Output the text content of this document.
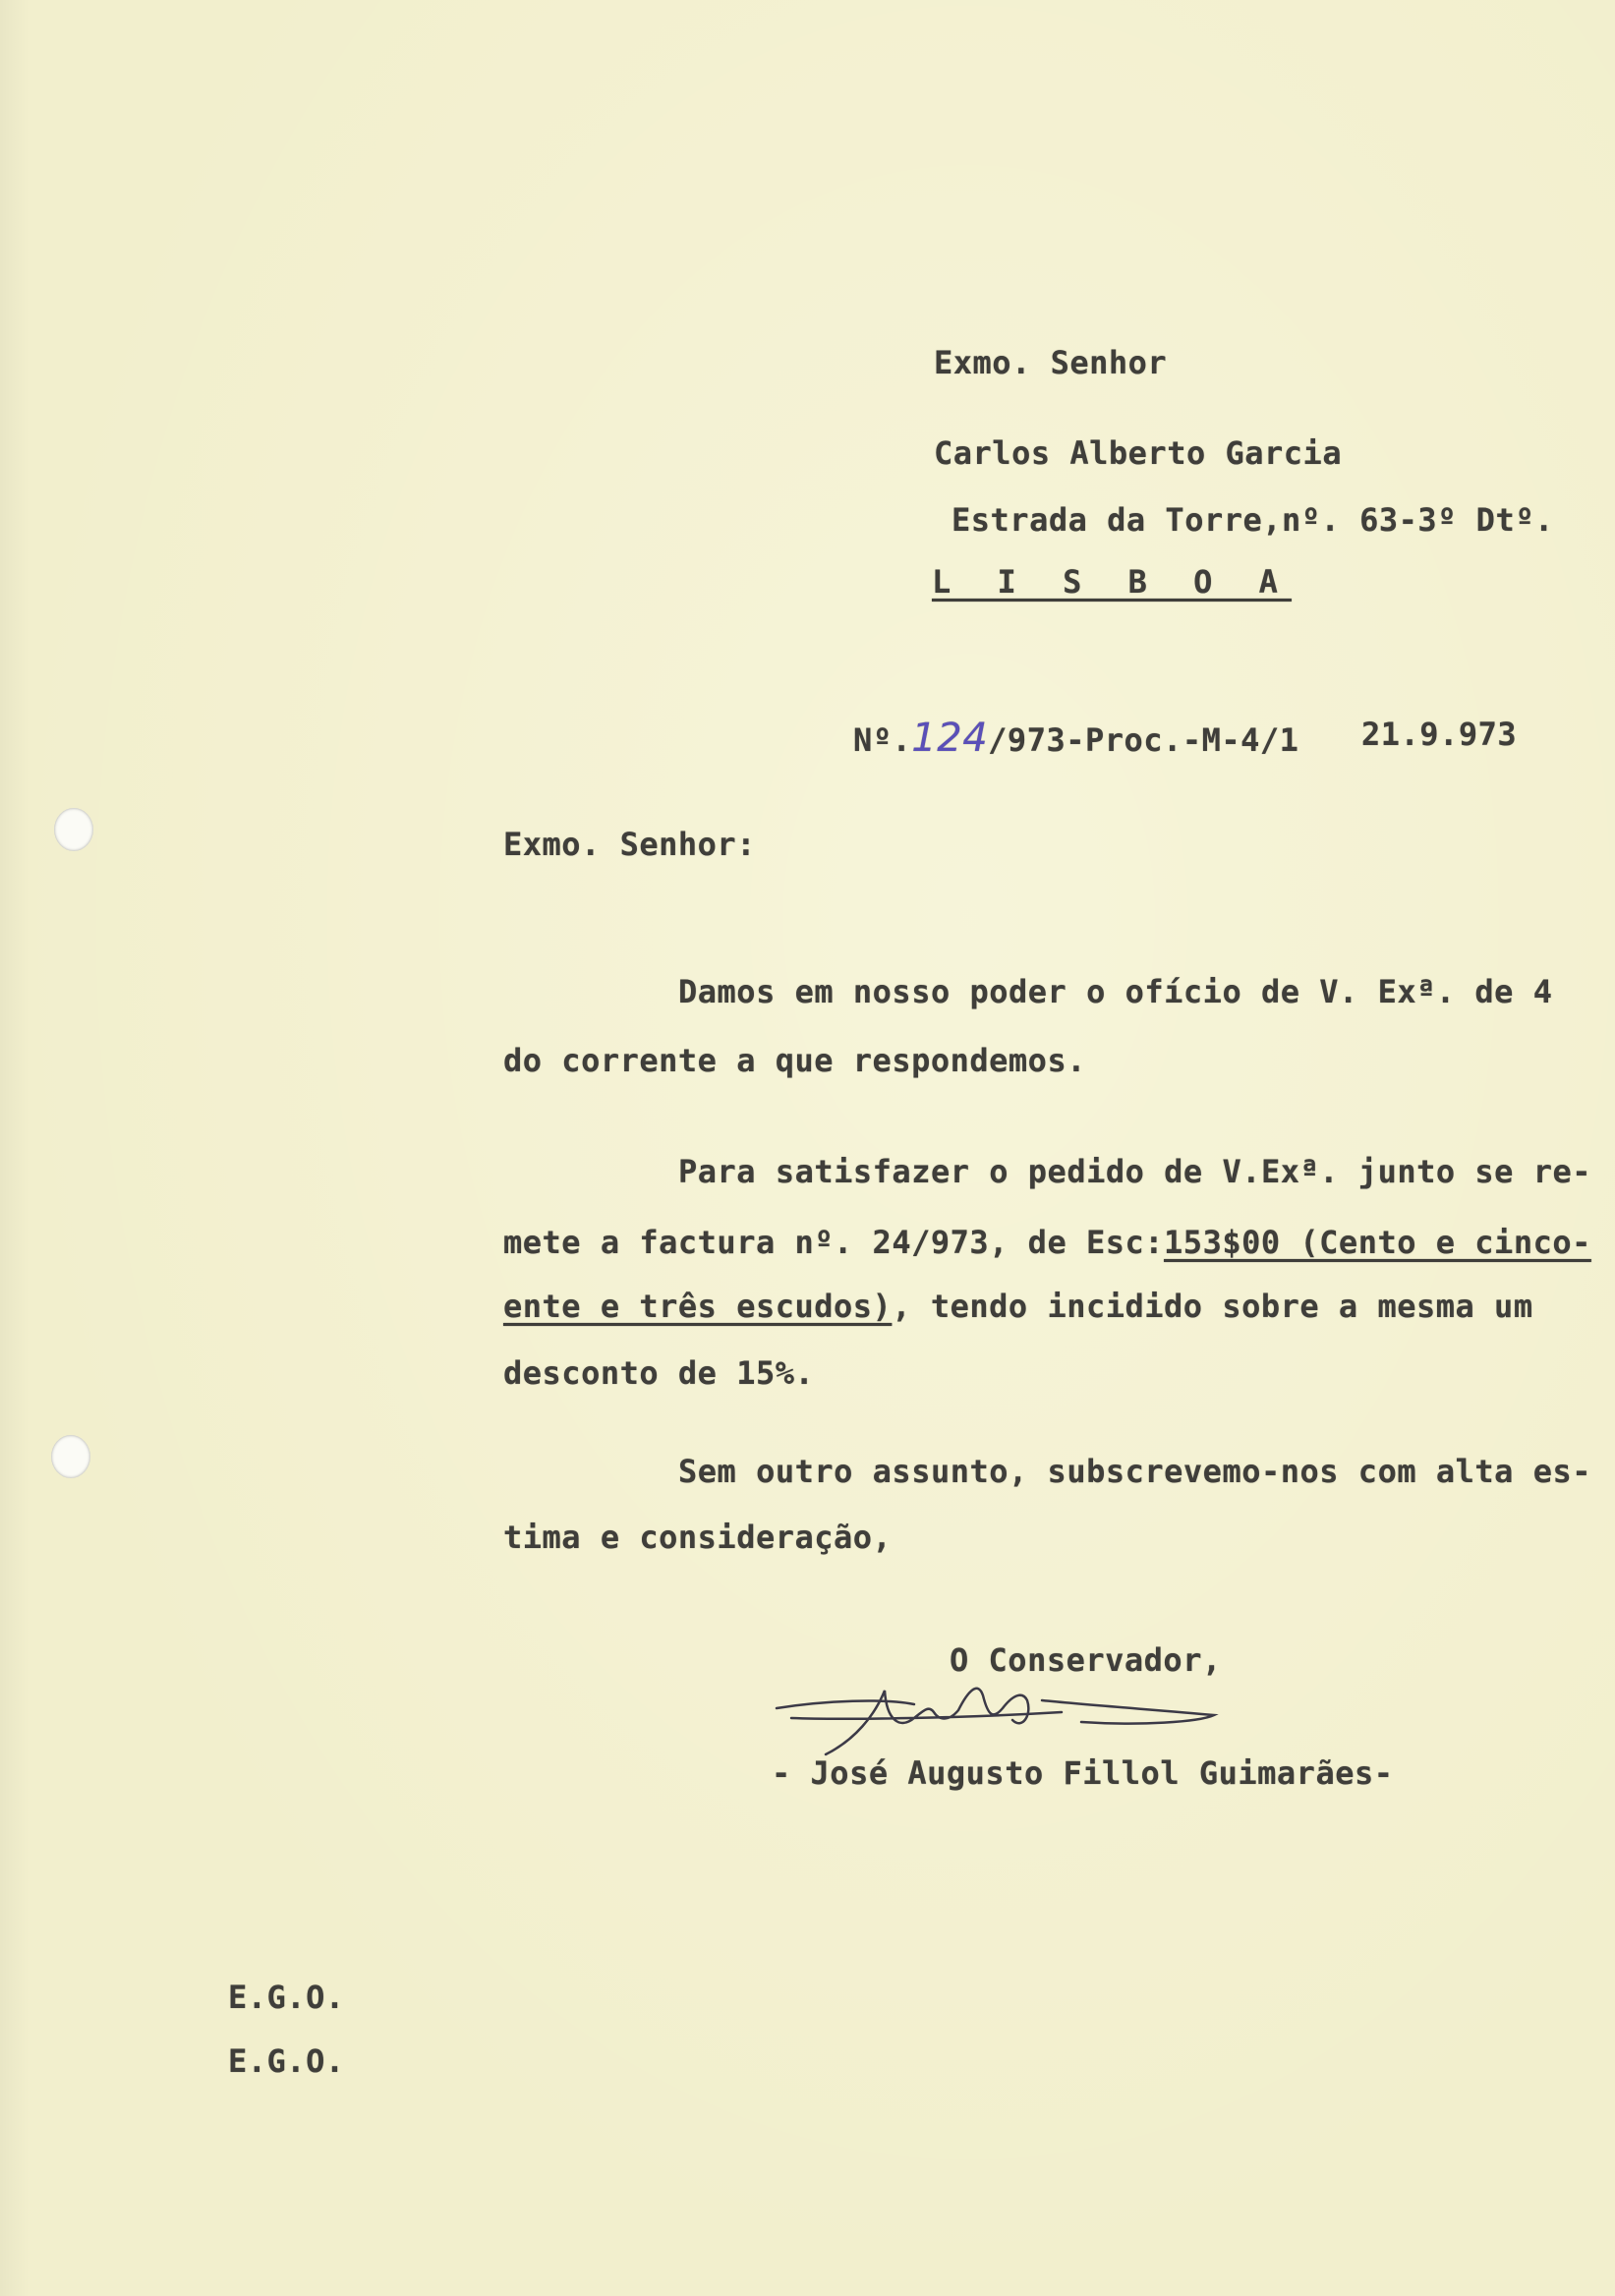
Exmo. Senhor
Carlos Alberto Garcia
Estrada da Torre,nº. 63-3º Dtº.
L I S B O A
Nº.124/973-Proc.-M-4/1 21.9.973
Exmo. Senhor:
Damos em nosso poder o ofício de V. Exª. de 4
do corrente a que respondemos.
Para satisfazer o pedido de V.Exª. junto se re-
mete a factura nº. 24/973, de Esc:153$00 (Cento e cinco-
ente e três escudos), tendo incidido sobre a mesma um
desconto de 15%.
Sem outro assunto, subscrevemo-nos com alta es-
tima e consideração,
O Conservador,
- José Augusto Fillol Guimarães-
E.G.O.
E.G.O.
